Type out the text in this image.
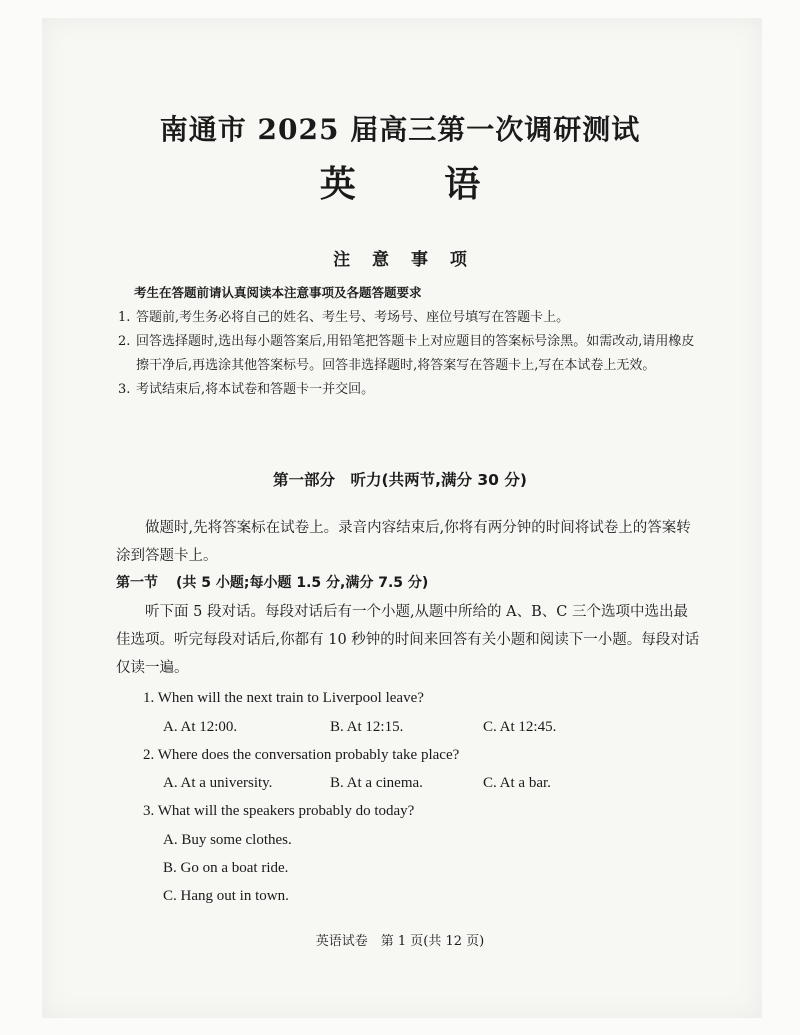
南通市 2025 届高三第一次调研测试
英 语
注 意 事 项
考生在答题前请认真阅读本注意事项及各题答题要求
1. 答题前,考生务必将自己的姓名、考生号、考场号、座位号填写在答题卡上。
2. 回答选择题时,选出每小题答案后,用铅笔把答题卡上对应题目的答案标号涂黑。如需改动,请用橡皮擦干净后,再选涂其他答案标号。回答非选择题时,将答案写在答题卡上,写在本试卷上无效。
3. 考试结束后,将本试卷和答题卡一并交回。
第一部分　听力(共两节,满分 30 分)
做题时,先将答案标在试卷上。录音内容结束后,你将有两分钟的时间将试卷上的答案转涂到答题卡上。
第一节 (共 5 小题;每小题 1.5 分,满分 7.5 分)
听下面 5 段对话。每段对话后有一个小题,从题中所给的 A、B、C 三个选项中选出最佳选项。听完每段对话后,你都有 10 秒钟的时间来回答有关小题和阅读下一小题。每段对话仅读一遍。
1. When will the next train to Liverpool leave?
A. At 12:00.	B. At 12:15.	C. At 12:45.
2. Where does the conversation probably take place?
A. At a university.	B. At a cinema.	C. At a bar.
3. What will the speakers probably do today?
A. Buy some clothes.
B. Go on a boat ride.
C. Hang out in town.
英语试卷　第 1 页(共 12 页)
